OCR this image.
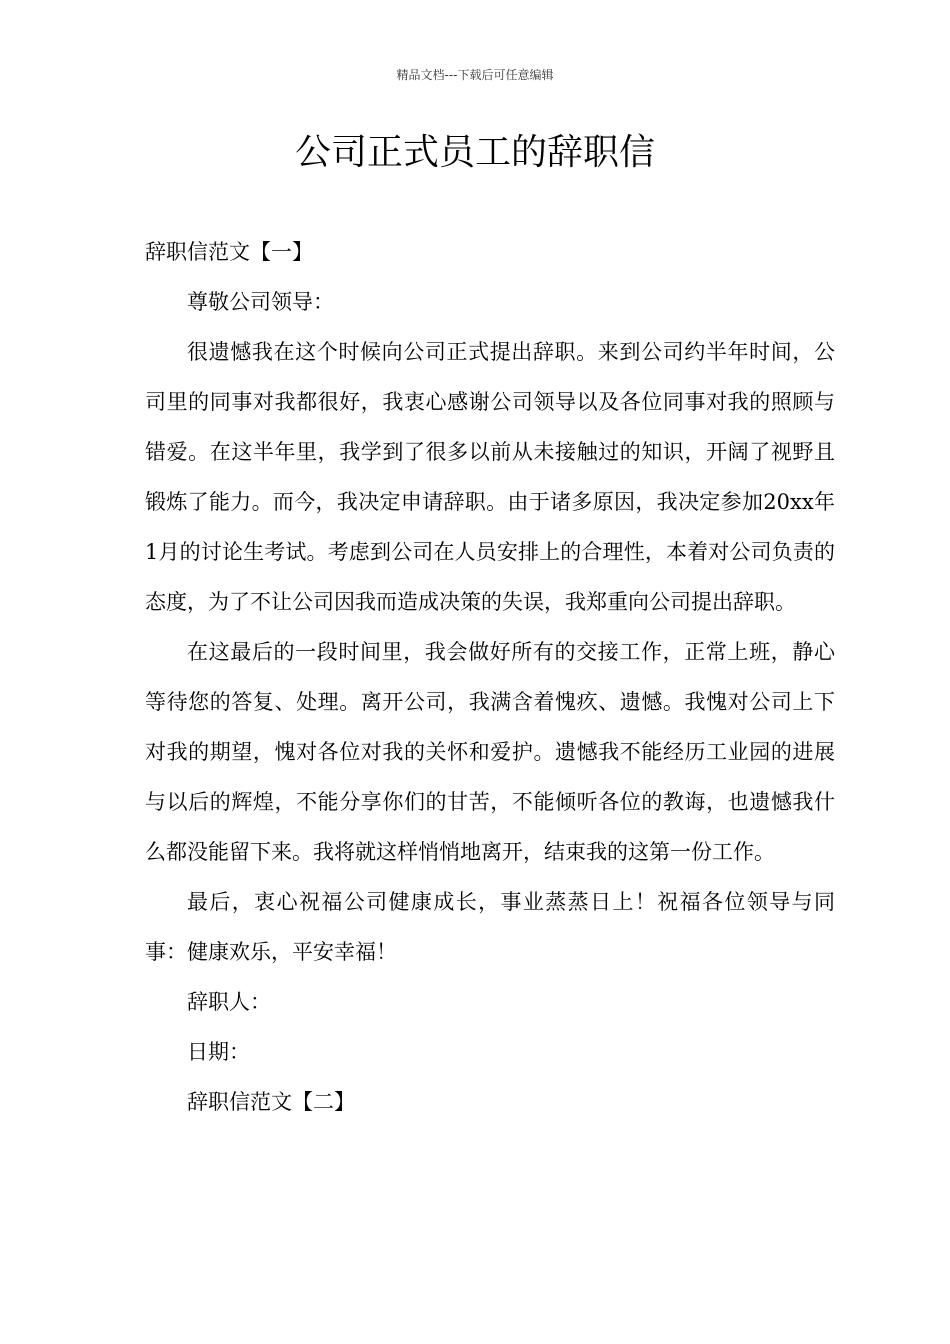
精品文档---下载后可任意编辑
公司正式员工的辞职信

辞职信范文【一】

尊敬公司领导：

很遗憾我在这个时候向公司正式提出辞职。来到公司约半年时间，公司里的同事对我都很好，我衷心感谢公司领导以及各位同事对我的照顾与错爱。在这半年里，我学到了很多以前从未接触过的知识，开阔了视野且锻炼了能力。而今，我决定申请辞职。由于诸多原因，我决定参加20xx年1月的讨论生考试。考虑到公司在人员安排上的合理性，本着对公司负责的态度，为了不让公司因我而造成决策的失误，我郑重向公司提出辞职。

在这最后的一段时间里，我会做好所有的交接工作，正常上班，静心等待您的答复、处理。离开公司，我满含着愧疚、遗憾。我愧对公司上下对我的期望，愧对各位对我的关怀和爱护。遗憾我不能经历工业园的进展与以后的辉煌，不能分享你们的甘苦，不能倾听各位的教诲，也遗憾我什么都没能留下来。我将就这样悄悄地离开，结束我的这第一份工作。

最后，衷心祝福公司健康成长，事业蒸蒸日上！祝福各位领导与同事：健康欢乐，平安幸福！

辞职人：

日期：

辞职信范文【二】
